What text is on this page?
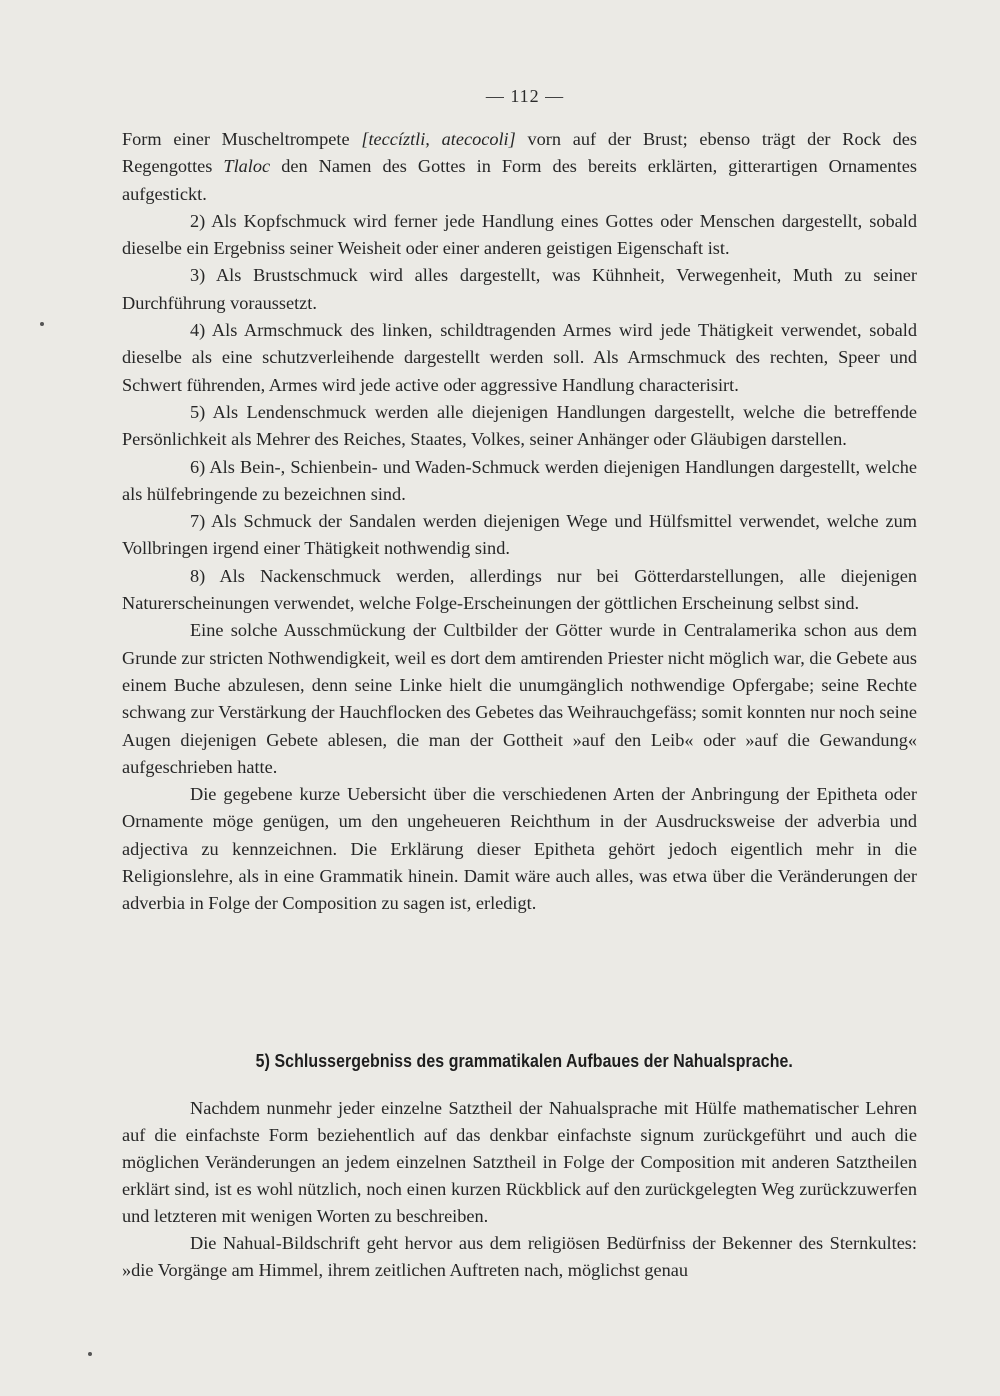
— 112 —

Form einer Muscheltrompete [teccíztli, atecocoli] vorn auf der Brust; ebenso trägt der Rock des Regengottes Tlaloc den Namen des Gottes in Form des bereits erklärten, gitterartigen Ornamentes aufgestickt.

2) Als Kopfschmuck wird ferner jede Handlung eines Gottes oder Menschen dargestellt, sobald dieselbe ein Ergebniss seiner Weisheit oder einer anderen geistigen Eigenschaft ist.

3) Als Brustschmuck wird alles dargestellt, was Kühnheit, Verwegenheit, Muth zu seiner Durchführung voraussetzt.

4) Als Armschmuck des linken, schildtragenden Armes wird jede Thätigkeit verwendet, sobald dieselbe als eine schutzverleihende dargestellt werden soll. Als Armschmuck des rechten, Speer und Schwert führenden, Armes wird jede active oder aggressive Handlung characterisirt.

5) Als Lendenschmuck werden alle diejenigen Handlungen dargestellt, welche die betreffende Persönlichkeit als Mehrer des Reiches, Staates, Volkes, seiner Anhänger oder Gläubigen darstellen.

6) Als Bein-, Schienbein- und Waden-Schmuck werden diejenigen Handlungen dargestellt, welche als hülfebringende zu bezeichnen sind.

7) Als Schmuck der Sandalen werden diejenigen Wege und Hülfsmittel verwendet, welche zum Vollbringen irgend einer Thätigkeit nothwendig sind.

8) Als Nackenschmuck werden, allerdings nur bei Götterdarstellungen, alle diejenigen Naturerscheinungen verwendet, welche Folge-Erscheinungen der göttlichen Erscheinung selbst sind.

Eine solche Ausschmückung der Cultbilder der Götter wurde in Centralamerika schon aus dem Grunde zur stricten Nothwendigkeit, weil es dort dem amtirenden Priester nicht möglich war, die Gebete aus einem Buche abzulesen, denn seine Linke hielt die unumgänglich nothwendige Opfergabe; seine Rechte schwang zur Verstärkung der Hauchflocken des Gebetes das Weihrauchgefäss; somit konnten nur noch seine Augen diejenigen Gebete ablesen, die man der Gottheit »auf den Leib« oder »auf die Gewandung« aufgeschrieben hatte.

Die gegebene kurze Uebersicht über die verschiedenen Arten der Anbringung der Epitheta oder Ornamente möge genügen, um den ungeheueren Reichthum in der Ausdrucksweise der adverbia und adjectiva zu kennzeichnen. Die Erklärung dieser Epitheta gehört jedoch eigentlich mehr in die Religionslehre, als in eine Grammatik hinein. Damit wäre auch alles, was etwa über die Veränderungen der adverbia in Folge der Composition zu sagen ist, erledigt.

5) Schlussergebniss des grammatikalen Aufbaues der Nahualsprache.

Nachdem nunmehr jeder einzelne Satztheil der Nahualsprache mit Hülfe mathematischer Lehren auf die einfachste Form beziehentlich auf das denkbar einfachste signum zurückgeführt und auch die möglichen Veränderungen an jedem einzelnen Satztheil in Folge der Composition mit anderen Satztheilen erklärt sind, ist es wohl nützlich, noch einen kurzen Rückblick auf den zurückgelegten Weg zurückzuwerfen und letzteren mit wenigen Worten zu beschreiben.

Die Nahual-Bildschrift geht hervor aus dem religiösen Bedürfniss der Bekenner des Sternkultes: »die Vorgänge am Himmel, ihrem zeitlichen Auftreten nach, möglichst genau
